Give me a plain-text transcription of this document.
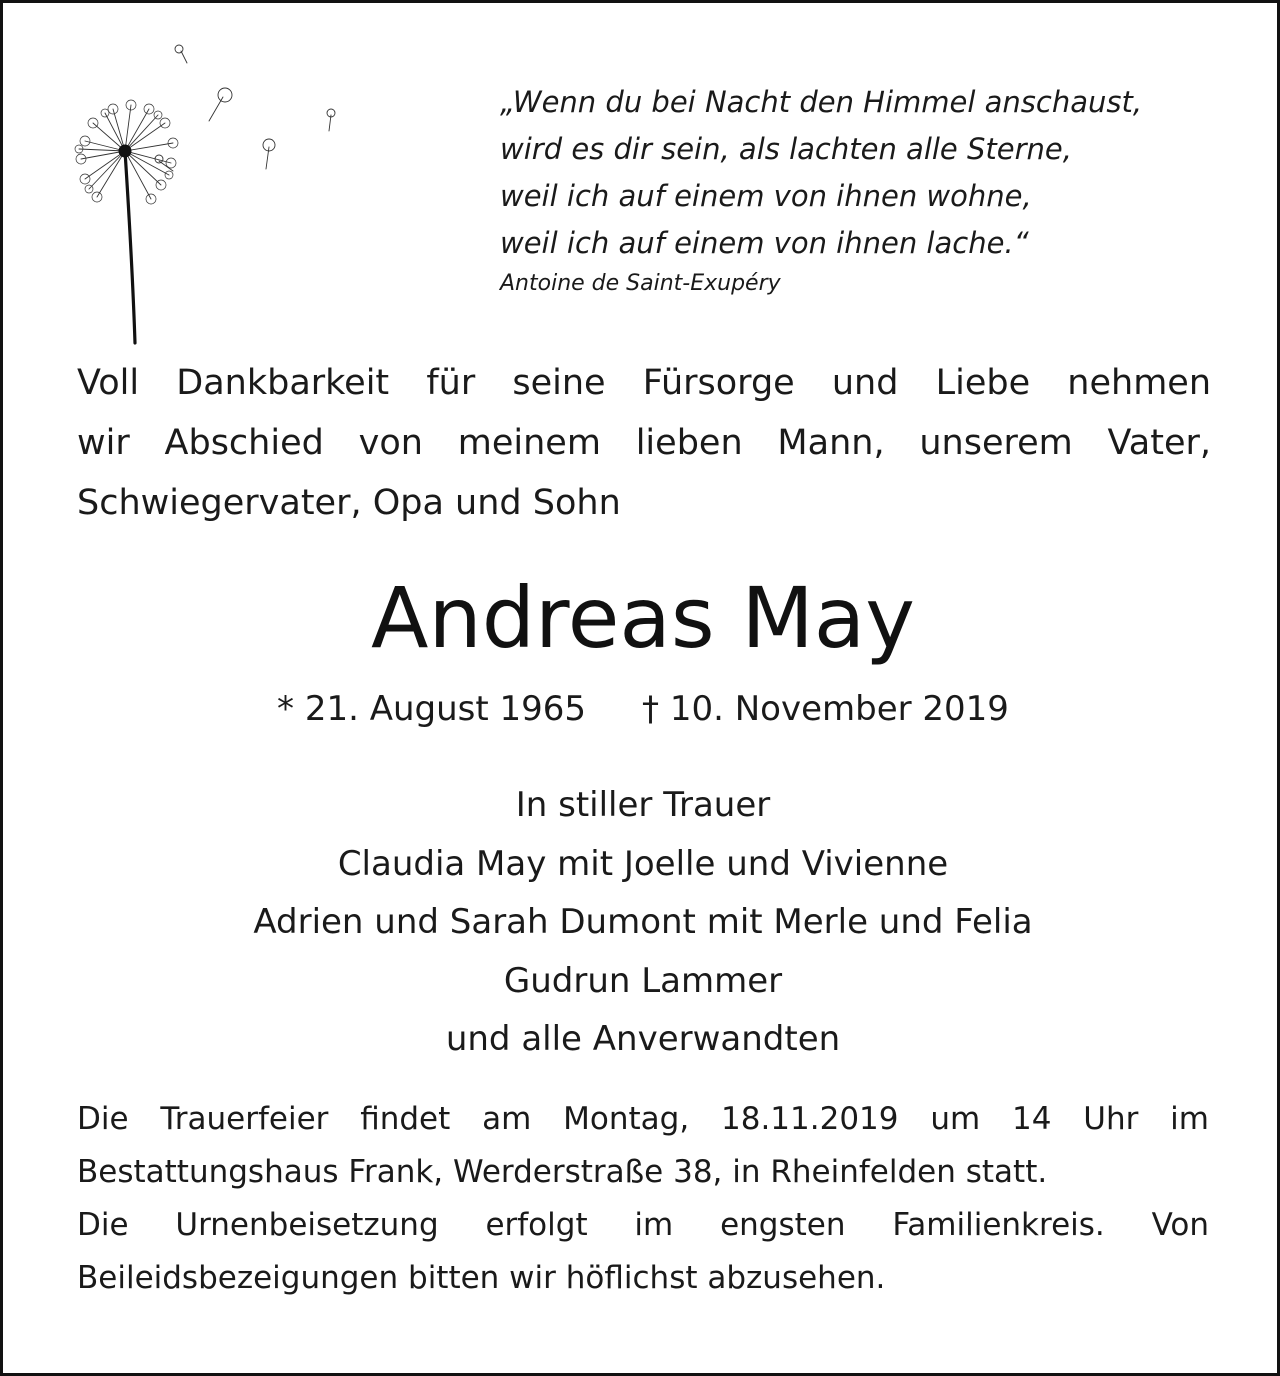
„Wenn du bei Nacht den Himmel anschaust,
wird es dir sein, als lachten alle Sterne,
weil ich auf einem von ihnen wohne,
weil ich auf einem von ihnen lache.“
Antoine de Saint-Exupéry
Voll Dankbarkeit für seine Fürsorge und Liebe nehmen
wir Abschied von meinem lieben Mann, unserem Vater,
Schwiegervater, Opa und Sohn
Andreas May
* 21. August 1965 † 10. November 2019
In stiller Trauer
Claudia May mit Joelle und Vivienne
Adrien und Sarah Dumont mit Merle und Felia
Gudrun Lammer
und alle Anverwandten
Die Trauerfeier findet am Montag, 18.11.2019 um 14 Uhr im
Bestattungshaus Frank, Werderstraße 38, in Rheinfelden statt.
Die Urnenbeisetzung erfolgt im engsten Familienkreis. Von
Beileidsbezeigungen bitten wir höflichst abzusehen.
